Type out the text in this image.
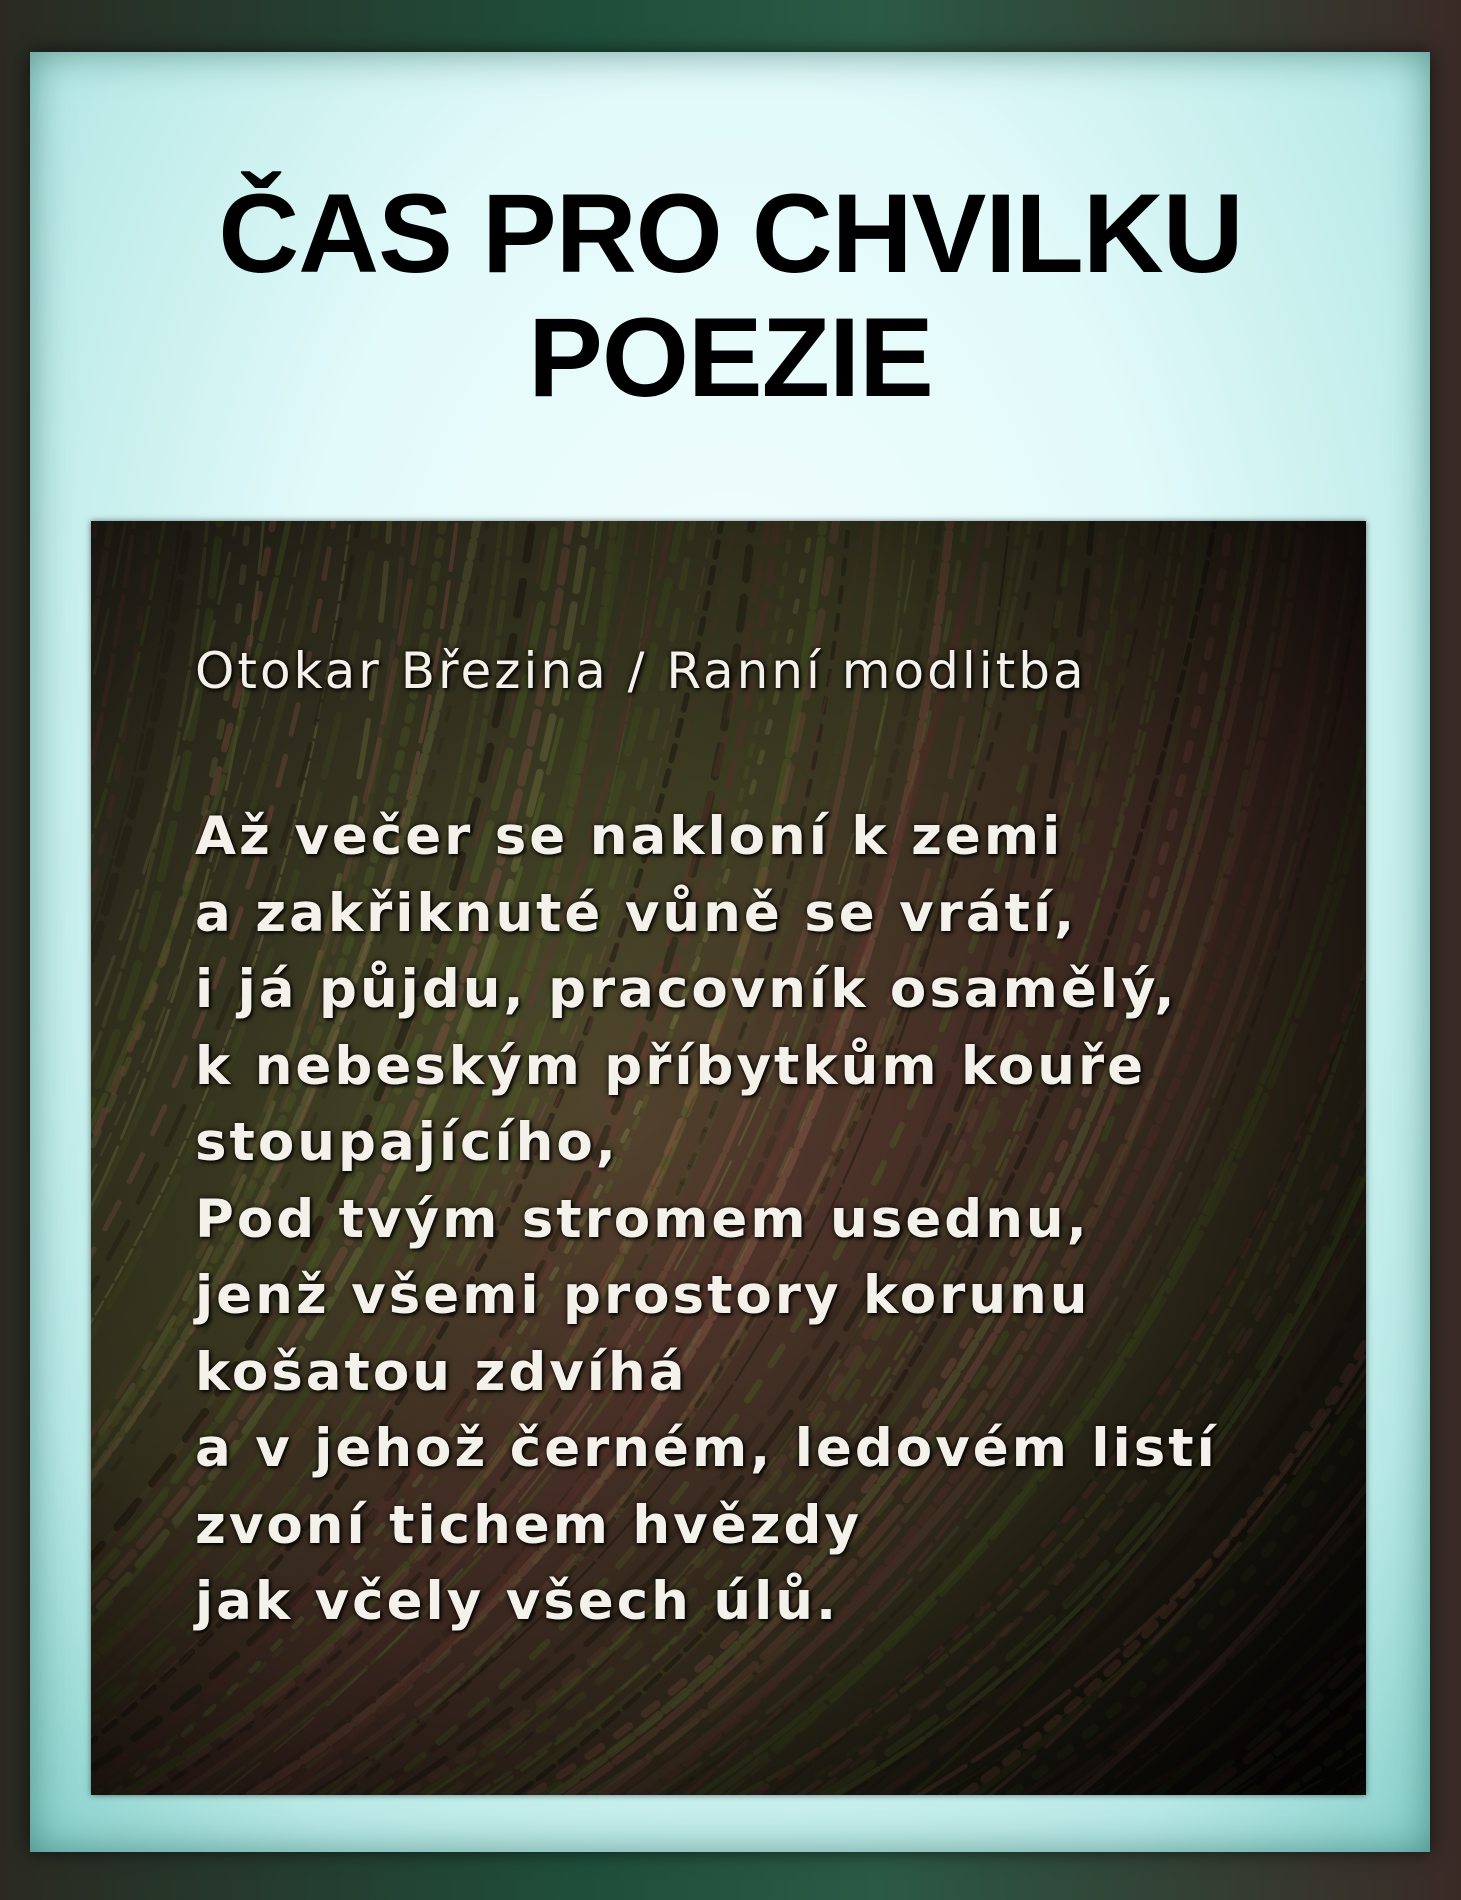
ČAS PRO CHVILKU
POEZIE
Otokar Březina / Ranní modlitba
Až večer se nakloní k zemi
a zakřiknuté vůně se vrátí,
i já půjdu, pracovník osamělý,
k nebeským příbytkům kouře
stoupajícího,
Pod tvým stromem usednu,
jenž všemi prostory korunu
košatou zdvíhá
a v jehož černém, ledovém listí
zvoní tichem hvězdy
jak včely všech úlů.
